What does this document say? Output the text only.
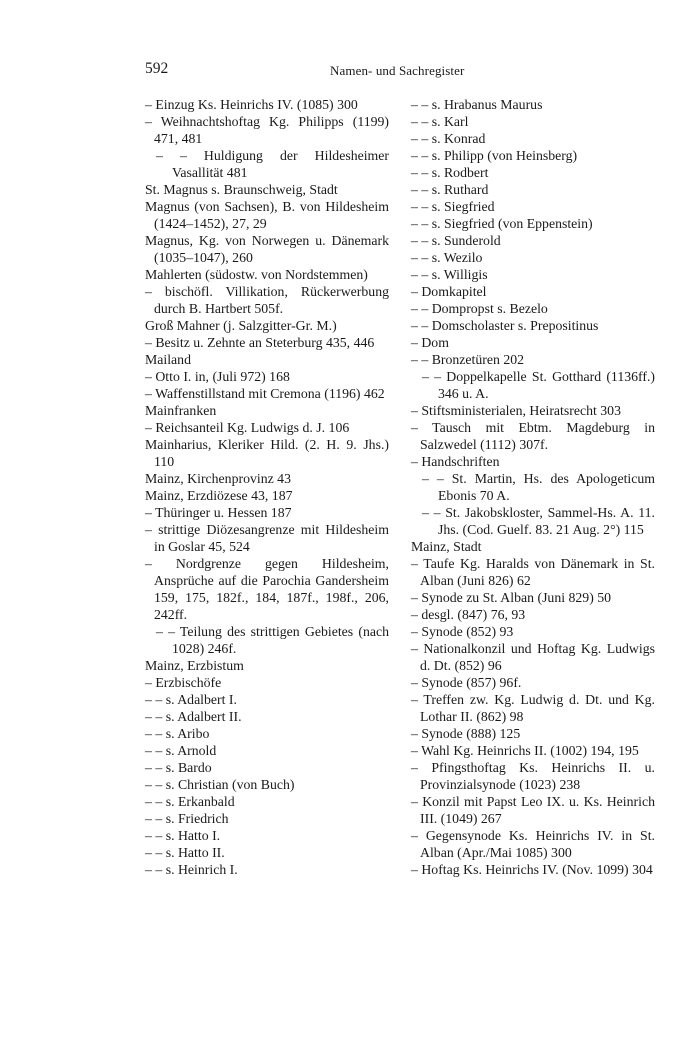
592	Namen- und Sachregister

– Einzug Ks. Heinrichs IV. (1085) 300

– Weihnachtshoftag Kg. Philipps (1199) 471, 481

– – Huldigung der Hildesheimer Vasallität 481

St. Magnus s. Braunschweig, Stadt

Magnus (von Sachsen), B. von Hildesheim (1424–1452), 27, 29

Magnus, Kg. von Norwegen u. Dänemark (1035–1047), 260

Mahlerten (südostw. von Nordstemmen)

– bischöfl. Villikation, Rückerwerbung durch B. Hartbert 505f.

Groß Mahner (j. Salzgitter-Gr. M.)

– Besitz u. Zehnte an Steterburg 435, 446

Mailand

– Otto I. in, (Juli 972) 168

– Waffenstillstand mit Cremona (1196) 462

Mainfranken

– Reichsanteil Kg. Ludwigs d. J. 106

Mainharius, Kleriker Hild. (2. H. 9. Jhs.) 110

Mainz, Kirchenprovinz 43

Mainz, Erzdiözese 43, 187

– Thüringer u. Hessen 187

– strittige Diözesangrenze mit Hildesheim in Goslar 45, 524

– Nordgrenze gegen Hildesheim, Ansprüche auf die Parochia Gandersheim 159, 175, 182f., 184, 187f., 198f., 206, 242ff.

– – Teilung des strittigen Gebietes (nach 1028) 246f.

Mainz, Erzbistum

– Erzbischöfe

– – s. Adalbert I.

– – s. Adalbert II.

– – s. Aribo

– – s. Arnold

– – s. Bardo

– – s. Christian (von Buch)

– – s. Erkanbald

– – s. Friedrich

– – s. Hatto I.

– – s. Hatto II.

– – s. Heinrich I.

– – s. Hrabanus Maurus

– – s. Karl

– – s. Konrad

– – s. Philipp (von Heinsberg)

– – s. Rodbert

– – s. Ruthard

– – s. Siegfried

– – s. Siegfried (von Eppenstein)

– – s. Sunderold

– – s. Wezilo

– – s. Willigis

– Domkapitel

– – Dompropst s. Bezelo

– – Domscholaster s. Prepositinus

– Dom

– – Bronzetüren 202

– – Doppelkapelle St. Gotthard (1136ff.) 346 u. A.

– Stiftsministerialen, Heiratsrecht 303

– Tausch mit Ebtm. Magdeburg in Salzwedel (1112) 307f.

– Handschriften

– – St. Martin, Hs. des Apologeticum Ebonis 70 A.

– – St. Jakobskloster, Sammel-Hs. A. 11. Jhs. (Cod. Guelf. 83. 21 Aug. 2°) 115

Mainz, Stadt

– Taufe Kg. Haralds von Dänemark in St. Alban (Juni 826) 62

– Synode zu St. Alban (Juni 829) 50

– desgl. (847) 76, 93

– Synode (852) 93

– Nationalkonzil und Hoftag Kg. Ludwigs d. Dt. (852) 96

– Synode (857) 96f.

– Treffen zw. Kg. Ludwig d. Dt. und Kg. Lothar II. (862) 98

– Synode (888) 125

– Wahl Kg. Heinrichs II. (1002) 194, 195

– Pfingsthoftag Ks. Heinrichs II. u. Provinzialsynode (1023) 238

– Konzil mit Papst Leo IX. u. Ks. Heinrich III. (1049) 267

– Gegensynode Ks. Heinrichs IV. in St. Alban (Apr./Mai 1085) 300

– Hoftag Ks. Heinrichs IV. (Nov. 1099) 304
